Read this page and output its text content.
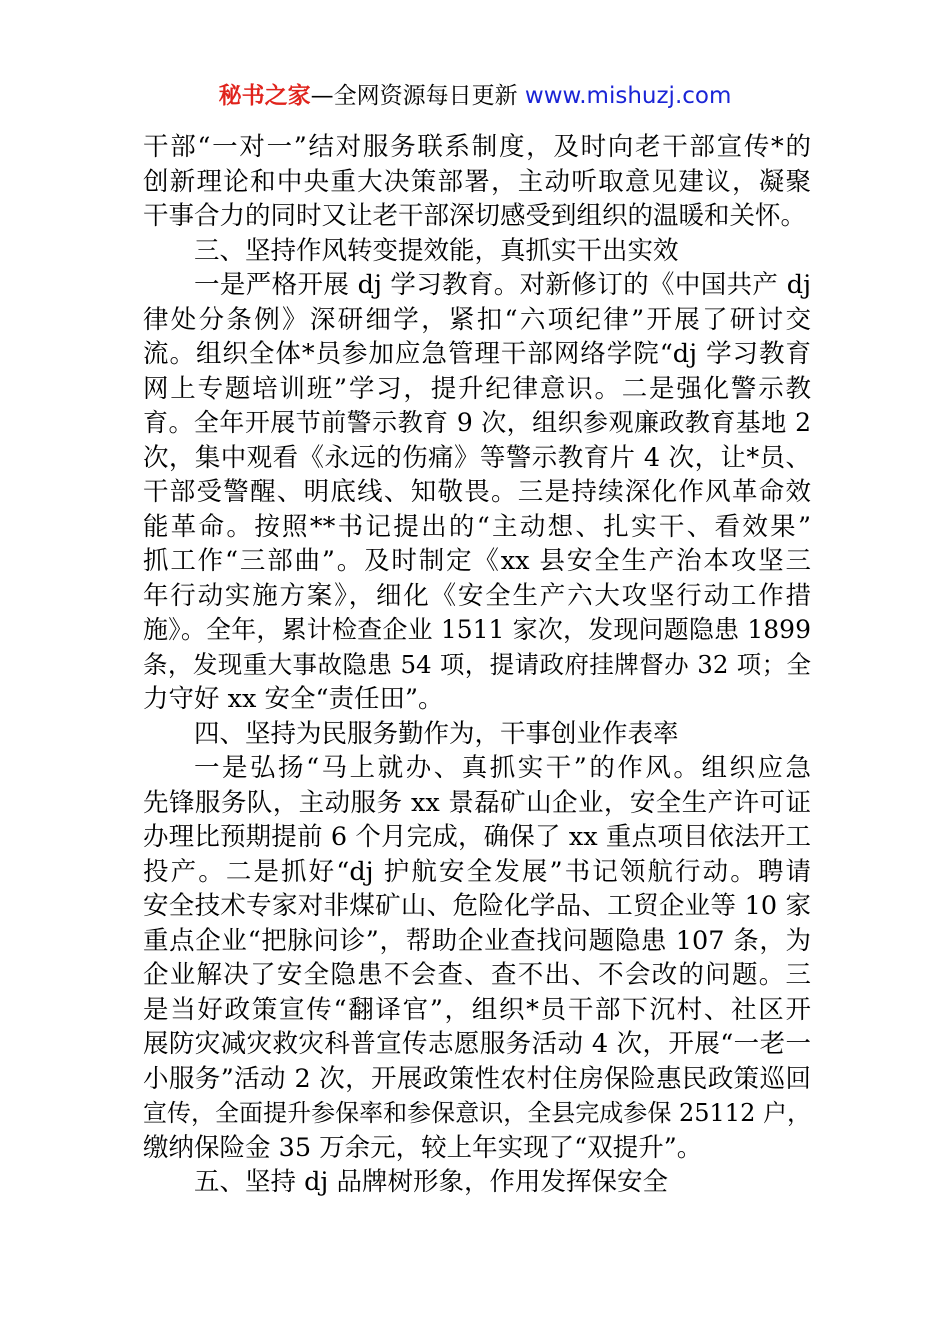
秘书之家—全网资源每日更新 www.mishuzj.com
干部“一对一”结对服务联系制度，及时向老干部宣传*的
创新理论和中央重大决策部署，主动听取意见建议，凝聚
干事合力的同时又让老干部深切感受到组织的温暖和关怀。
三、坚持作风转变提效能，真抓实干出实效
一是严格开展 dj 学习教育。对新修订的《中国共产 dj
律处分条例》深研细学，紧扣“六项纪律”开展了研讨交
流。组织全体*员参加应急管理干部网络学院“dj 学习教育
网上专题培训班”学习，提升纪律意识。二是强化警示教
育。全年开展节前警示教育 9 次，组织参观廉政教育基地 2
次，集中观看《永远的伤痛》等警示教育片 4 次，让*员、
干部受警醒、明底线、知敬畏。三是持续深化作风革命效
能革命。按照**书记提出的“主动想、扎实干、看效果”
抓工作“三部曲”。及时制定《xx 县安全生产治本攻坚三
年行动实施方案》，细化《安全生产六大攻坚行动工作措
施》。全年，累计检查企业 1511 家次，发现问题隐患 1899
条，发现重大事故隐患 54 项，提请政府挂牌督办 32 项；全
力守好 xx 安全“责任田”。
四、坚持为民服务勤作为，干事创业作表率
一是弘扬“马上就办、真抓实干”的作风。组织应急
先锋服务队，主动服务 xx 景磊矿山企业，安全生产许可证
办理比预期提前 6 个月完成，确保了 xx 重点项目依法开工
投产。二是抓好“dj 护航安全发展”书记领航行动。聘请
安全技术专家对非煤矿山、危险化学品、工贸企业等 10 家
重点企业“把脉问诊”，帮助企业查找问题隐患 107 条，为
企业解决了安全隐患不会查、查不出、不会改的问题。三
是当好政策宣传“翻译官”，组织*员干部下沉村、社区开
展防灾减灾救灾科普宣传志愿服务活动 4 次，开展“一老一
小服务”活动 2 次，开展政策性农村住房保险惠民政策巡回
宣传，全面提升参保率和参保意识，全县完成参保 25112 户，
缴纳保险金 35 万余元，较上年实现了“双提升”。
五、坚持 dj 品牌树形象，作用发挥保安全
